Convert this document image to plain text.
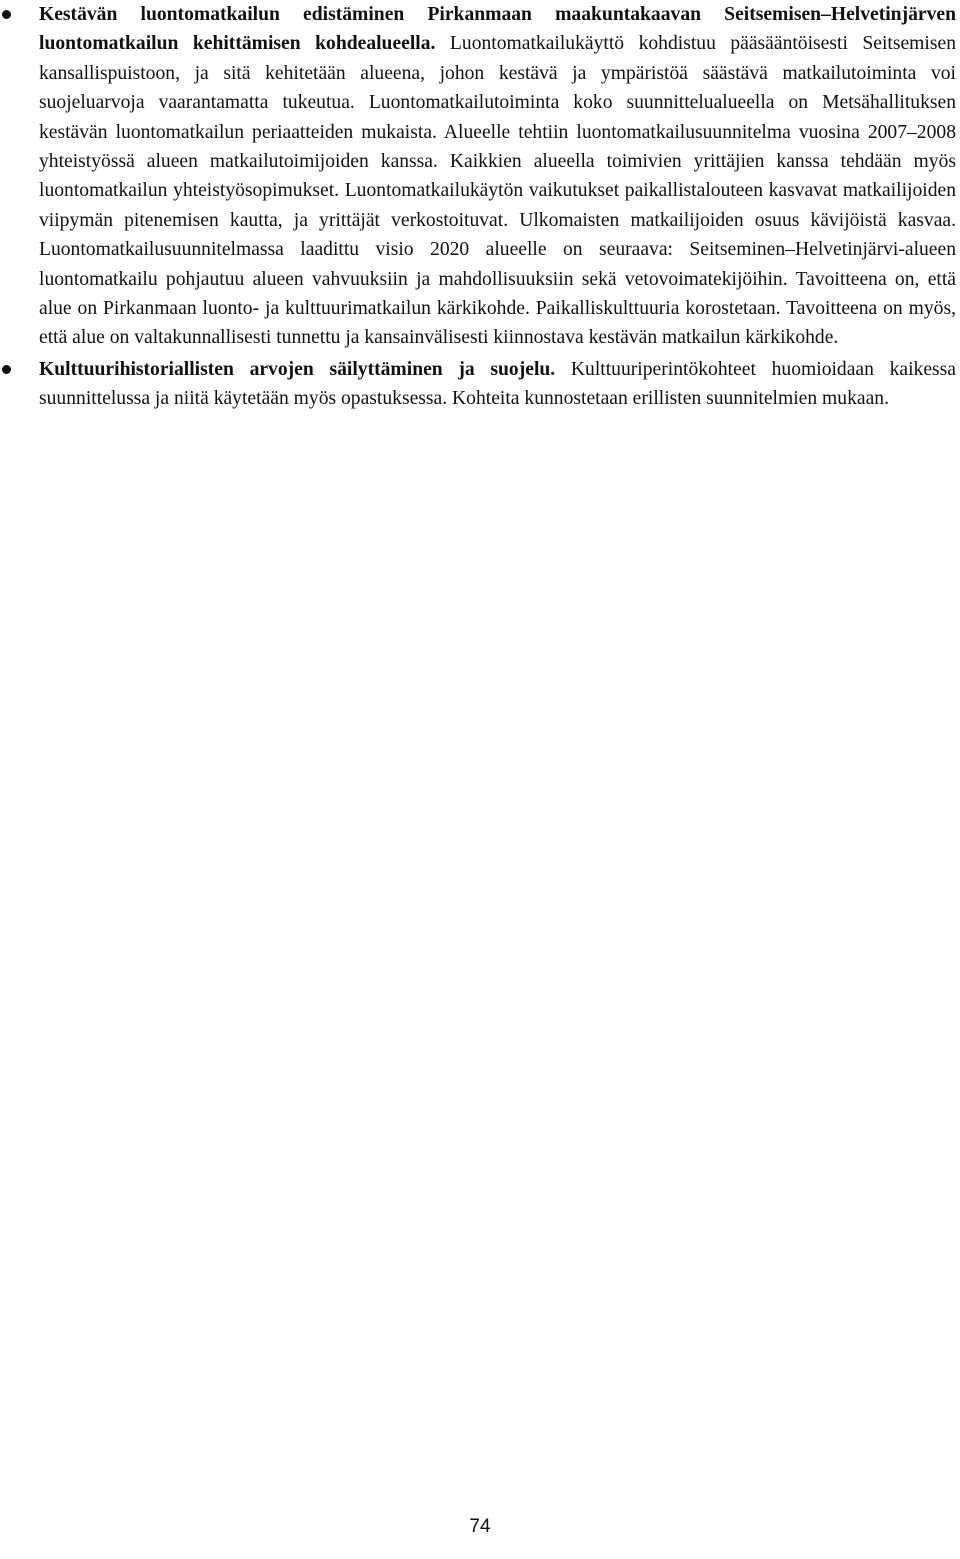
Kestävän luontomatkailun edistäminen Pirkanmaan maakuntakaavan Seitsemisen–Helvetinjärven luontomatkailun kehittämisen kohdealueella. Luontomatkailukäyttö kohdistuu pääsääntöisesti Seitsemisen kansallispuistoon, ja sitä kehitetään alueena, johon kestävä ja ympäristöä säästävä matkailutoiminta voi suojeluarvoja vaarantamatta tukeutua. Luontomatkailutoiminta koko suunnittelualueella on Metsähallituksen kestävän luontomatkailun periaatteiden mukaista. Alueelle tehtiin luontomatkailusuunnitelma vuosina 2007–2008 yhteistyössä alueen matkailutoimijoiden kanssa. Kaikkien alueella toimivien yrittäjien kanssa tehdään myös luontomatkailun yhteistyösopimukset. Luontomatkailukäytön vaikutukset paikallistalouteen kasvavat matkailijoiden viipymän pitenemisen kautta, ja yrittäjät verkostoituvat. Ulkomaisten matkailijoiden osuus kävijöistä kasvaa. Luontomatkailusuunnitelmassa laadittu visio 2020 alueelle on seuraava: Seitseminen–Helvetinjärvi-alueen luontomatkailu pohjautuu alueen vahvuuksiin ja mahdollisuuksiin sekä vetovoimatekijöihin. Tavoitteena on, että alue on Pirkanmaan luonto- ja kulttuurimatkailun kärkikohde. Paikalliskulttuuria korostetaan. Tavoitteena on myös, että alue on valtakunnallisesti tunnettu ja kansainvälisesti kiinnostava kestävän matkailun kärkikohde.
Kulttuurihistoriallisten arvojen säilyttäminen ja suojelu. Kulttuuriperintökohteet huomioidaan kaikessa suunnittelussa ja niitä käytetään myös opastuksessa. Kohteita kunnostetaan erillisten suunnitelmien mukaan.
74
